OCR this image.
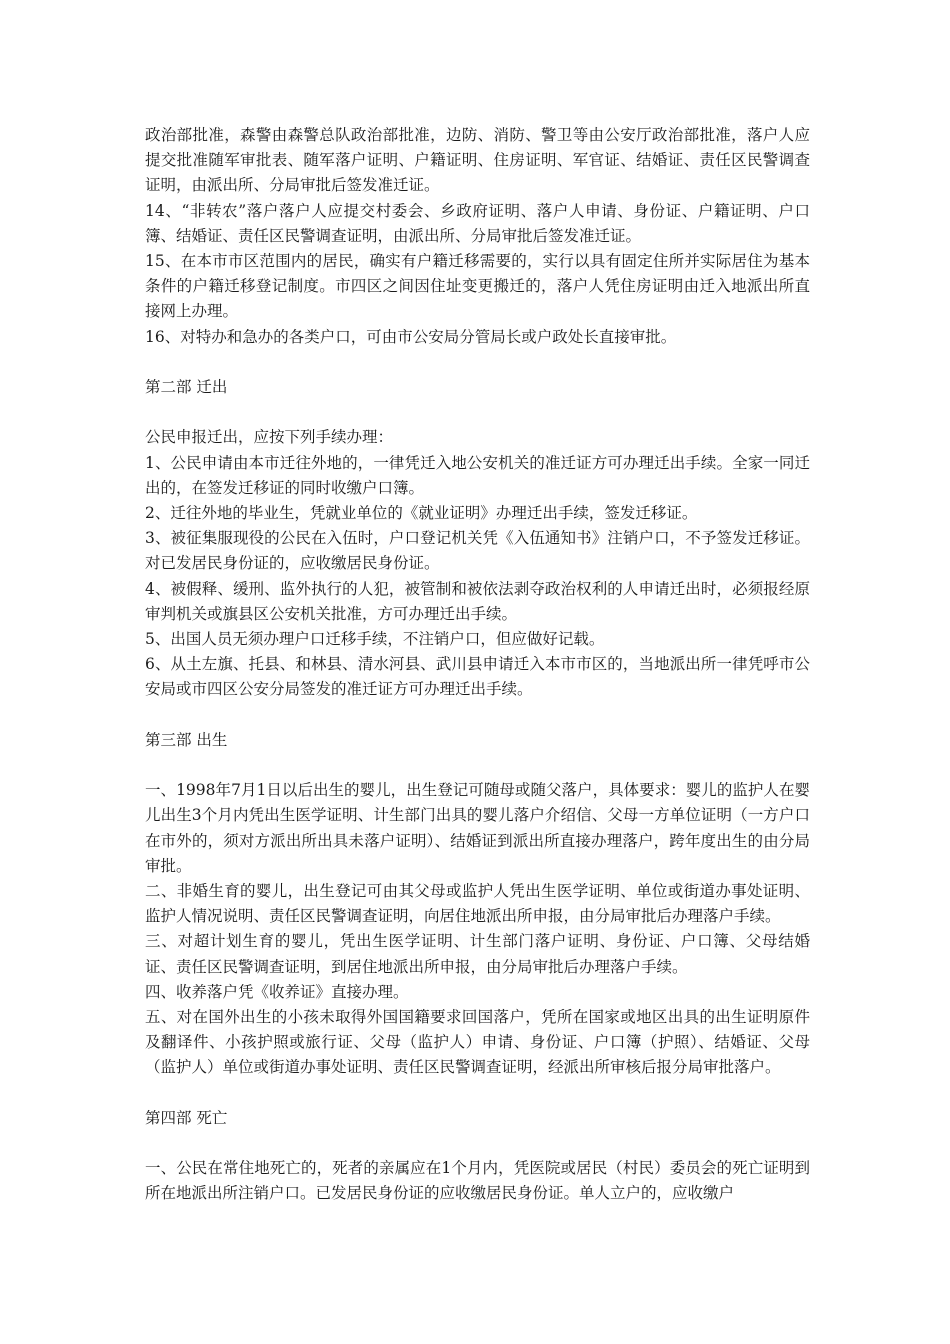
政治部批准，森警由森警总队政治部批准，边防、消防、警卫等由公安厅政治部批准，落户人应提交批准随军审批表、随军落户证明、户籍证明、住房证明、军官证、结婚证、责任区民警调查证明，由派出所、分局审批后签发准迁证。

14、“非转农”落户落户人应提交村委会、乡政府证明、落户人申请、身份证、户籍证明、户口簿、结婚证、责任区民警调查证明，由派出所、分局审批后签发准迁证。

15、在本市市区范围内的居民，确实有户籍迁移需要的，实行以具有固定住所并实际居住为基本条件的户籍迁移登记制度。市四区之间因住址变更搬迁的，落户人凭住房证明由迁入地派出所直接网上办理。

16、对特办和急办的各类户口，可由市公安局分管局长或户政处长直接审批。

第二部 迁出

公民申报迁出，应按下列手续办理：

1、公民申请由本市迁往外地的，一律凭迁入地公安机关的准迁证方可办理迁出手续。全家一同迁出的，在签发迁移证的同时收缴户口簿。

2、迁往外地的毕业生，凭就业单位的《就业证明》办理迁出手续，签发迁移证。

3、被征集服现役的公民在入伍时，户口登记机关凭《入伍通知书》注销户口，不予签发迁移证。对已发居民身份证的，应收缴居民身份证。

4、被假释、缓刑、监外执行的人犯，被管制和被依法剥夺政治权利的人申请迁出时，必须报经原审判机关或旗县区公安机关批准，方可办理迁出手续。

5、出国人员无须办理户口迁移手续，不注销户口，但应做好记载。

6、从土左旗、托县、和林县、清水河县、武川县申请迁入本市市区的，当地派出所一律凭呼市公安局或市四区公安分局签发的准迁证方可办理迁出手续。

第三部 出生

一、1998年7月1日以后出生的婴儿，出生登记可随母或随父落户，具体要求：婴儿的监护人在婴儿出生3个月内凭出生医学证明、计生部门出具的婴儿落户介绍信、父母一方单位证明（一方户口在市外的，须对方派出所出具未落户证明）、结婚证到派出所直接办理落户，跨年度出生的由分局审批。

二、非婚生育的婴儿，出生登记可由其父母或监护人凭出生医学证明、单位或街道办事处证明、监护人情况说明、责任区民警调查证明，向居住地派出所申报，由分局审批后办理落户手续。

三、对超计划生育的婴儿，凭出生医学证明、计生部门落户证明、身份证、户口簿、父母结婚证、责任区民警调查证明，到居住地派出所申报，由分局审批后办理落户手续。

四、收养落户凭《收养证》直接办理。

五、对在国外出生的小孩未取得外国国籍要求回国落户，凭所在国家或地区出具的出生证明原件及翻译件、小孩护照或旅行证、父母（监护人）申请、身份证、户口簿（护照）、结婚证、父母（监护人）单位或街道办事处证明、责任区民警调查证明，经派出所审核后报分局审批落户。

第四部 死亡

一、公民在常住地死亡的，死者的亲属应在1个月内，凭医院或居民（村民）委员会的死亡证明到所在地派出所注销户口。已发居民身份证的应收缴居民身份证。单人立户的，应收缴户
